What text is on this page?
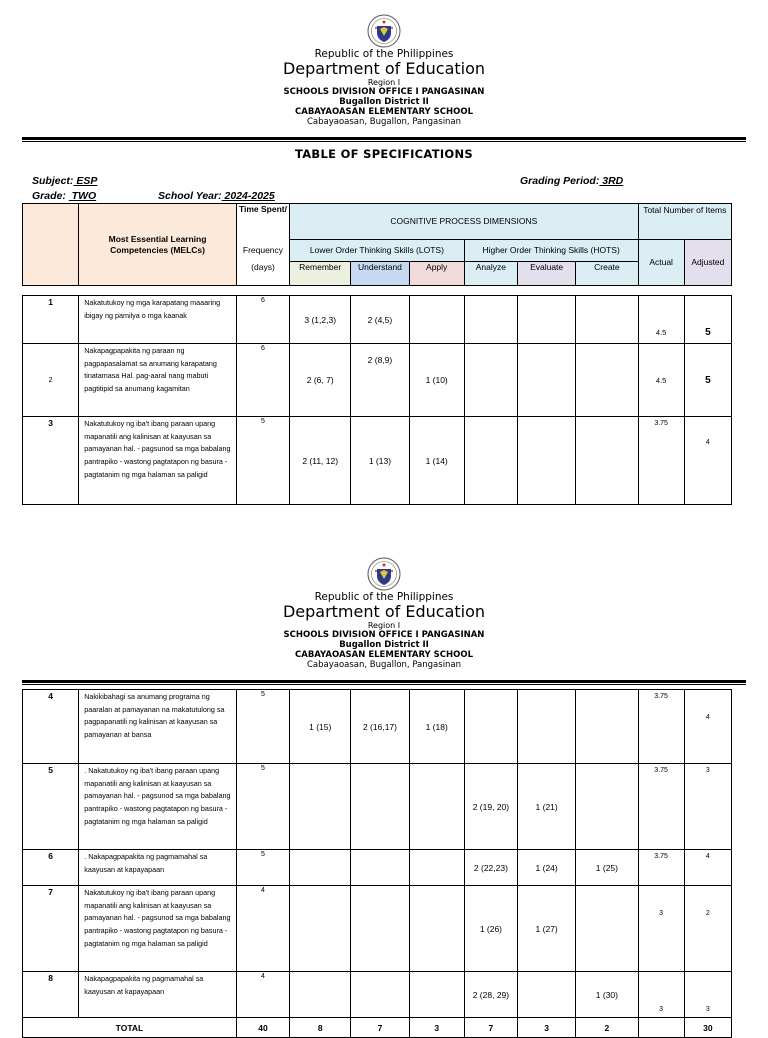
Republic of the Philippines
Department of Education
Region I
SCHOOLS DIVISION OFFICE I PANGASINAN
Bugallon District II
CABAYAOASAN ELEMENTARY SCHOOL
Cabayaoasan, Bugallon, Pangasinan
TABLE OF SPECIFICATIONS
Subject: ESP
Grade:  TWO	School Year: 2024-2025
Grading Period: 3RD
	Most Essential Learning Competencies (MELCs)	Time Spent/	COGNITIVE PROCESS DIMENSIONS						Total Number of Items	
		Frequency	Lower Order Thinking Skills (LOTS)			Higher Order Thinking Skills (HOTS)			Actual	Adjusted
		(days)	Remember	Understand	Apply	Analyze	Evaluate	Create		

1	Nakatutukoy ng mga karapatang maaaring ibigay ng pamilya o mga kaanak	6	3 (1,2,3)	2 (4,5)					4.5	5
2	Nakapagpapakita ng paraan ng pagpapasalamat sa anumang karapatang tinatamasa Hal. pag-aaral nang mabuti pagtitipid sa anumang kagamitan	6	2 (6, 7)	2 (8,9)	1 (10)				4.5	5
3	Nakatutukoy ng iba't ibang paraan upang mapanatili ang kalinisan at kaayusan sa pamayanan hal. - pagsunod sa mga babalang pantrapiko - wastong pagtatapon ng basura - pagtatanim ng mga halaman sa paligid	5	2 (11, 12)	1 (13)	1 (14)				3.75	4
Republic of the Philippines
Department of Education
Region I
SCHOOLS DIVISION OFFICE I PANGASINAN
Bugallon District II
CABAYAOASAN ELEMENTARY SCHOOL
Cabayaoasan, Bugallon, Pangasinan
4	Nakikibahagi sa anumang programa ng paaralan at pamayanan na makatutulong sa pagpapanatili ng kalinisan at kaayusan sa pamayanan at bansa	5	1 (15)	2 (16,17)	1 (18)				3.75	4
5	. Nakatutukoy ng iba't ibang paraan upang mapanatili ang kalinisan at kaayusan sa pamayanan hal. - pagsunod sa mga babalang pantrapiko - wastong pagtatapon ng basura - pagtatanim ng mga halaman sa paligid	5				2 (19, 20)	1 (21)		3.75	3
6	. Nakapagpapakita ng pagmamahal sa kaayusan at kapayapaan	5				2 (22,23)	1 (24)	1 (25)	3.75	4
7	Nakatutukoy ng iba't ibang paraan upang mapanatili ang kalinisan at kaayusan sa pamayanan hal. - pagsunod sa mga babalang pantrapiko - wastong pagtatapon ng basura - pagtatanim ng mga halaman sa paligid	4				1 (26)	1 (27)		3	2
8	Nakapagpapakita ng pagmamahal sa kaayusan at kapayapaan	4				2 (28, 29)		1 (30)	3	3
TOTAL		40	8	7	3	7	3	2		30
